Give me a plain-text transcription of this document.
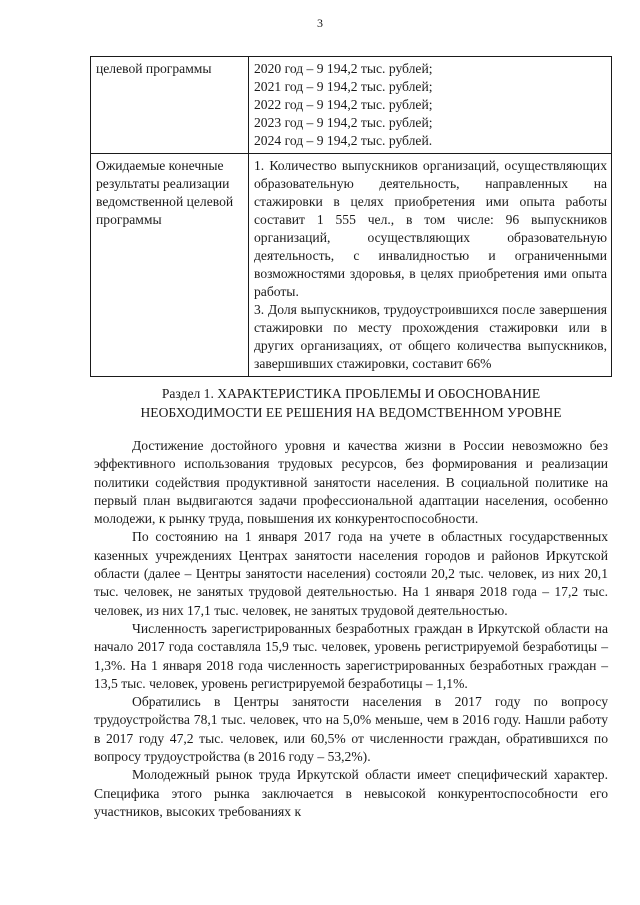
3
целевой программы	2020 год – 9 194,2 тыс. рублей;
2021 год – 9 194,2 тыс. рублей;
2022 год – 9 194,2 тыс. рублей;
2023 год – 9 194,2 тыс. рублей;
2024 год – 9 194,2 тыс. рублей.

Ожидаемые конечные результаты реализации ведомственной целевой программы	1. Количество выпускников организаций, осуществляющих образовательную деятельность, направленных на стажировки в целях приобретения ими опыта работы составит 1 555 чел., в том числе: 96 выпускников организаций, осуществляющих образовательную деятельность, с инвалидностью и ограниченными возможностями здоровья, в целях приобретения ими опыта работы.
3. Доля выпускников, трудоустроившихся после завершения стажировки по месту прохождения стажировки или в других организациях, от общего количества выпускников, завершивших стажировки, составит 66%
Раздел 1. ХАРАКТЕРИСТИКА ПРОБЛЕМЫ И ОБОСНОВАНИЕ
НЕОБХОДИМОСТИ ЕЕ РЕШЕНИЯ НА ВЕДОМСТВЕННОМ УРОВНЕ

Достижение достойного уровня и качества жизни в России невозможно без эффективного использования трудовых ресурсов, без формирования и реализации политики содействия продуктивной занятости населения. В социальной политике на первый план выдвигаются задачи профессиональной адаптации населения, особенно молодежи, к рынку труда, повышения их конкурентоспособности.

По состоянию на 1 января 2017 года на учете в областных государственных казенных учреждениях Центрах занятости населения городов и районов Иркутской области (далее – Центры занятости населения) состояли 20,2 тыс. человек, из них 20,1 тыс. человек, не занятых трудовой деятельностью. На 1 января 2018 года – 17,2 тыс. человек, из них 17,1 тыс. человек, не занятых трудовой деятельностью.

Численность зарегистрированных безработных граждан в Иркутской области на начало 2017 года составляла 15,9 тыс. человек, уровень регистрируемой безработицы – 1,3%. На 1 января 2018 года численность зарегистрированных безработных граждан – 13,5 тыс. человек, уровень регистрируемой безработицы – 1,1%.

Обратились в Центры занятости населения в 2017 году по вопросу трудоустройства 78,1 тыс. человек, что на 5,0% меньше, чем в 2016 году. Нашли работу в 2017 году 47,2 тыс. человек, или 60,5% от численности граждан, обратившихся по вопросу трудоустройства (в 2016 году – 53,2%).

Молодежный рынок труда Иркутской области имеет специфический характер. Специфика этого рынка заключается в невысокой конкурентоспособности его участников, высоких требованиях к
